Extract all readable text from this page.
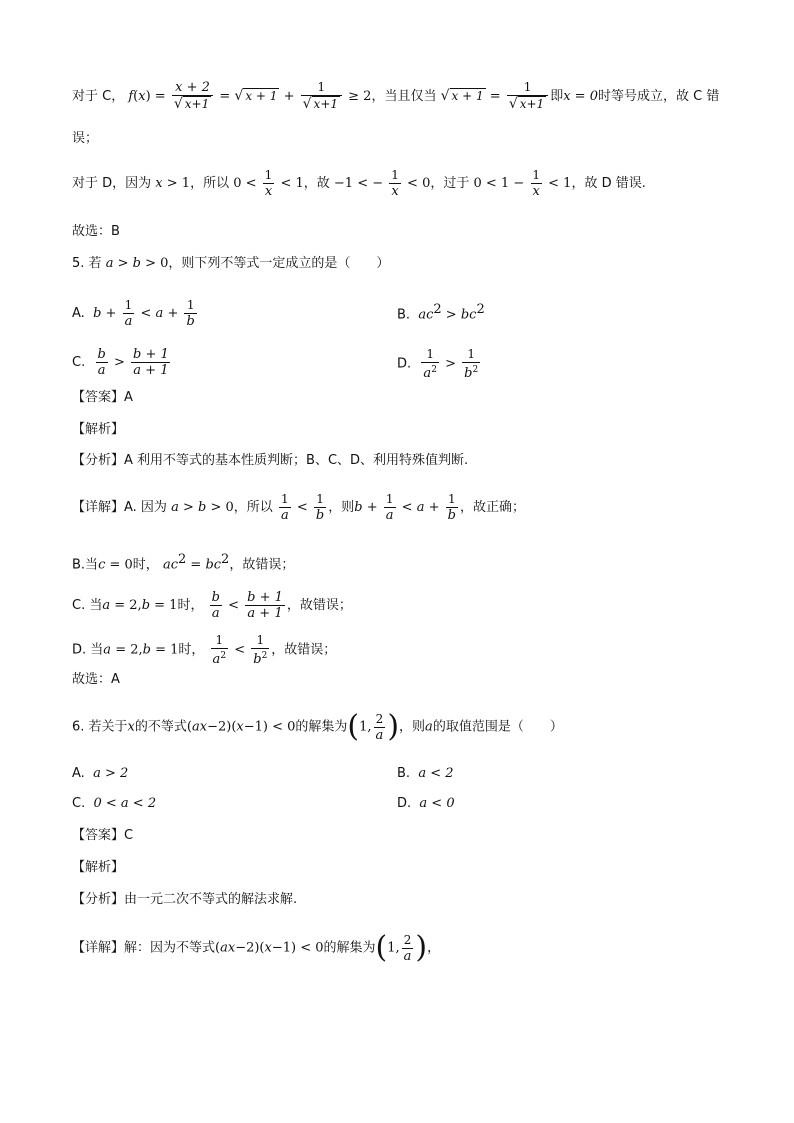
对于 C， $f(x) = \frac{x + 2}{√ x+1}$ = √ $x + 1 + \frac{1}{√ x+1} \ge 2$，当且仅当 √ $x + 1 = \frac{1}{√ x+1}$ 即x = 0时等号成立，故 C 错
误；
对于 D，因为 x > 1，所以 $0 < \frac{1}{x} < 1$，故 −1 < − $\frac{1}{x} < 0$，过于 $0 < 1 - \frac{1}{x} < 1$，故 D 错误.
故选：B
5. 若 a > b > 0，则下列不等式一定成立的是（　　）
A. $b + \frac{1}{a} < a + \frac{1}{b}$	B. $ac^2 > bc^2$
C. $\frac{b}{a} > \frac{b + 1}{a + 1}$	D. $\frac{1}{a^2} > \frac{1}{b^2}$
【答案】A
【解析】
【分析】A 利用不等式的基本性质判断；B、C、D、利用特殊值判断.
【详解】A. 因为 a > b > 0，所以 $\frac{1}{a} < \frac{1}{b}$ ，则$b + \frac{1}{a} < a + \frac{1}{b}$ ，故正确；
B.当c = 0时， $ac^2 = bc^2$，故错误；
C. 当a = 2,b = 1时， $\frac{b}{a} < \frac{b + 1}{a + 1}$ ，故错误；
D. 当a = 2,b = 1时， $\frac{1}{a^2} < \frac{1}{b^2}$ ，故错误；
故选：A
6. 若关于x的不等式(ax−2)(x−1) < 0的解集为(1, $\frac{2}{a}$ )，则a的取值范围是（　　）
A. a > 2	B. a < 2
C. 0 < a < 2	D. a < 0
【答案】C
【解析】
【分析】由一元二次不等式的解法求解.
【详解】解：因为不等式(ax−2)(x−1) < 0的解集为(1, $\frac{2}{a}$ )，
